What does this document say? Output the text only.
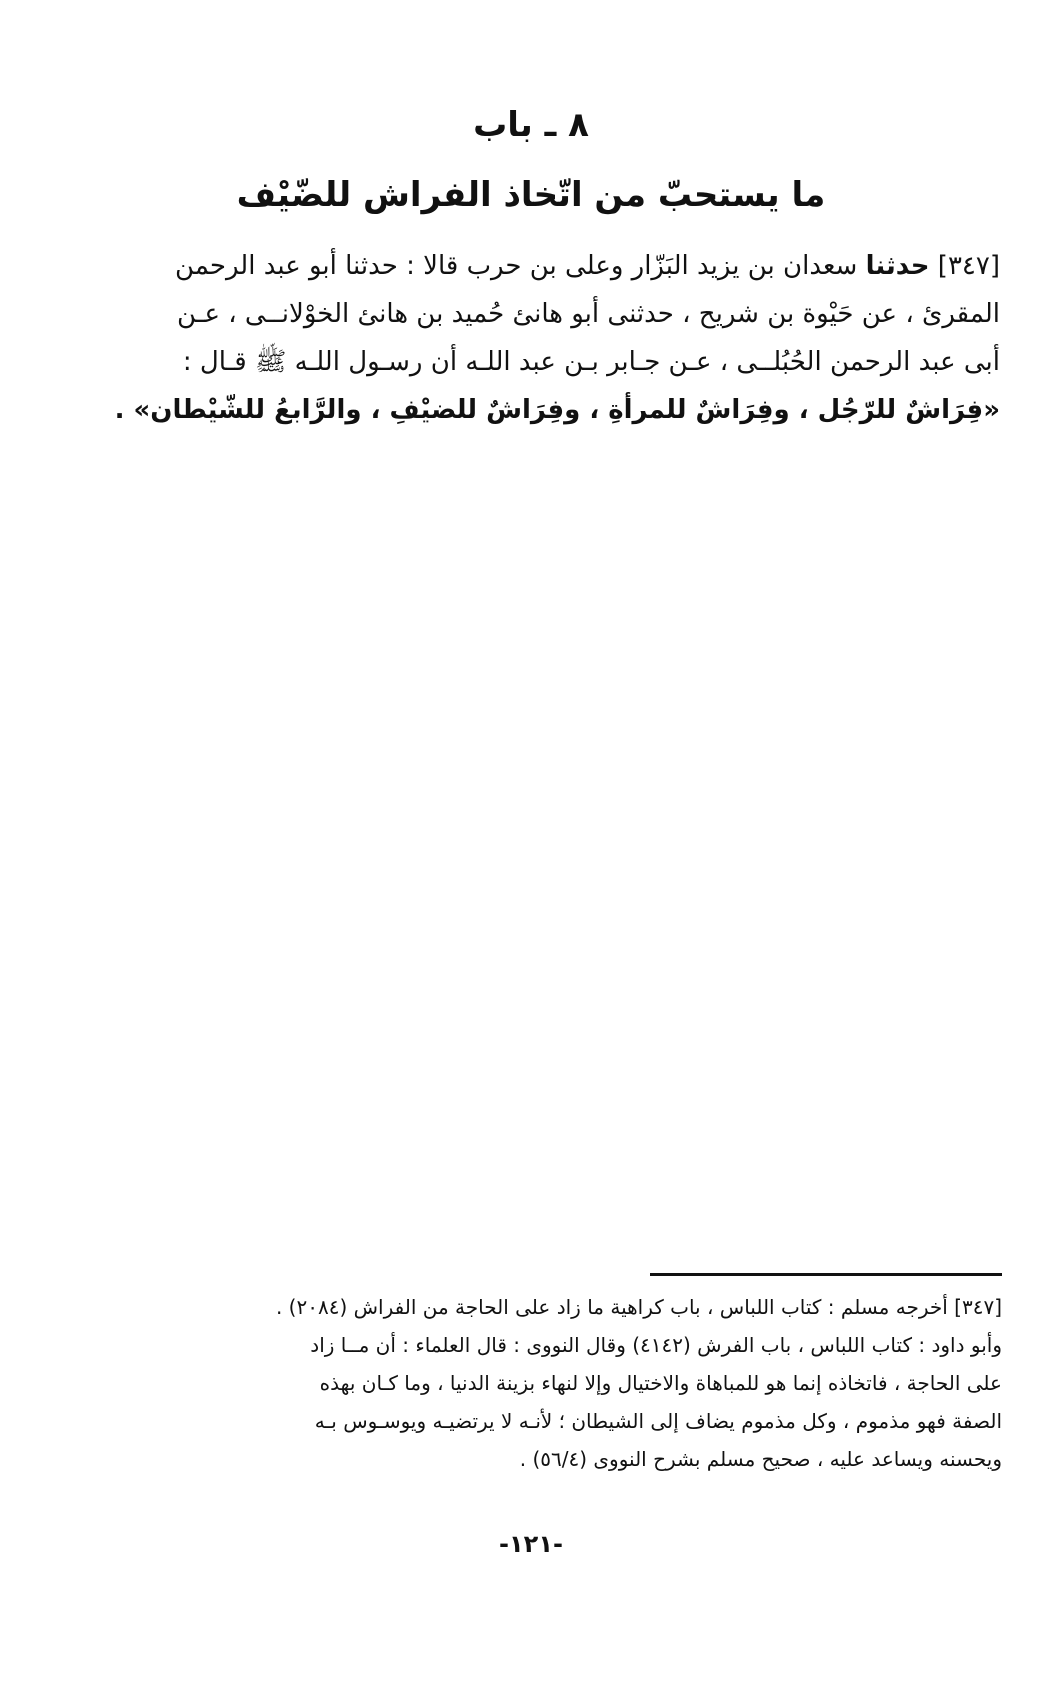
٨ ـ باب
ما يستحبّ من اتّخاذ الفراش للضّيْف
[٣٤٧] حدثنا سعدان بن يزيد البَزّار وعلى بن حرب قالا : حدثنا أبو عبد الرحمن
المقرئ ، عن حَيْوة بن شريح ، حدثنى أبو هانئ حُميد بن هانئ الخوْلانــى ، عـن
أبى عبد الرحمن الحُبُلــى ، عـن جـابر بـن عبد اللـه أن رسـول اللـه ﷺ قـال :
«فِرَاشٌ للرّجُل ، وفِرَاشٌ للمرأةِ ، وفِرَاشٌ للضيْفِ ، والرَّابعُ للشّيْطان» .
[٣٤٧] أخرجه مسلم : كتاب اللباس ، باب كراهية ما زاد على الحاجة من الفراش (٢٠٨٤) .
وأبو داود : كتاب اللباس ، باب الفرش (٤١٤٢) وقال النووى : قال العلماء : أن مــا زاد
على الحاجة ، فاتخاذه إنما هو للمباهاة والاختيال وإلا لنهاء بزينة الدنيا ، وما كـان بهذه
الصفة فهو مذموم ، وكل مذموم يضاف إلى الشيطان ؛ لأنـه لا يرتضيـه ويوسـوس بـه
ويحسنه ويساعد عليه ، صحيح مسلم بشرح النووى (٥٦/٤) .
-١٢١-
